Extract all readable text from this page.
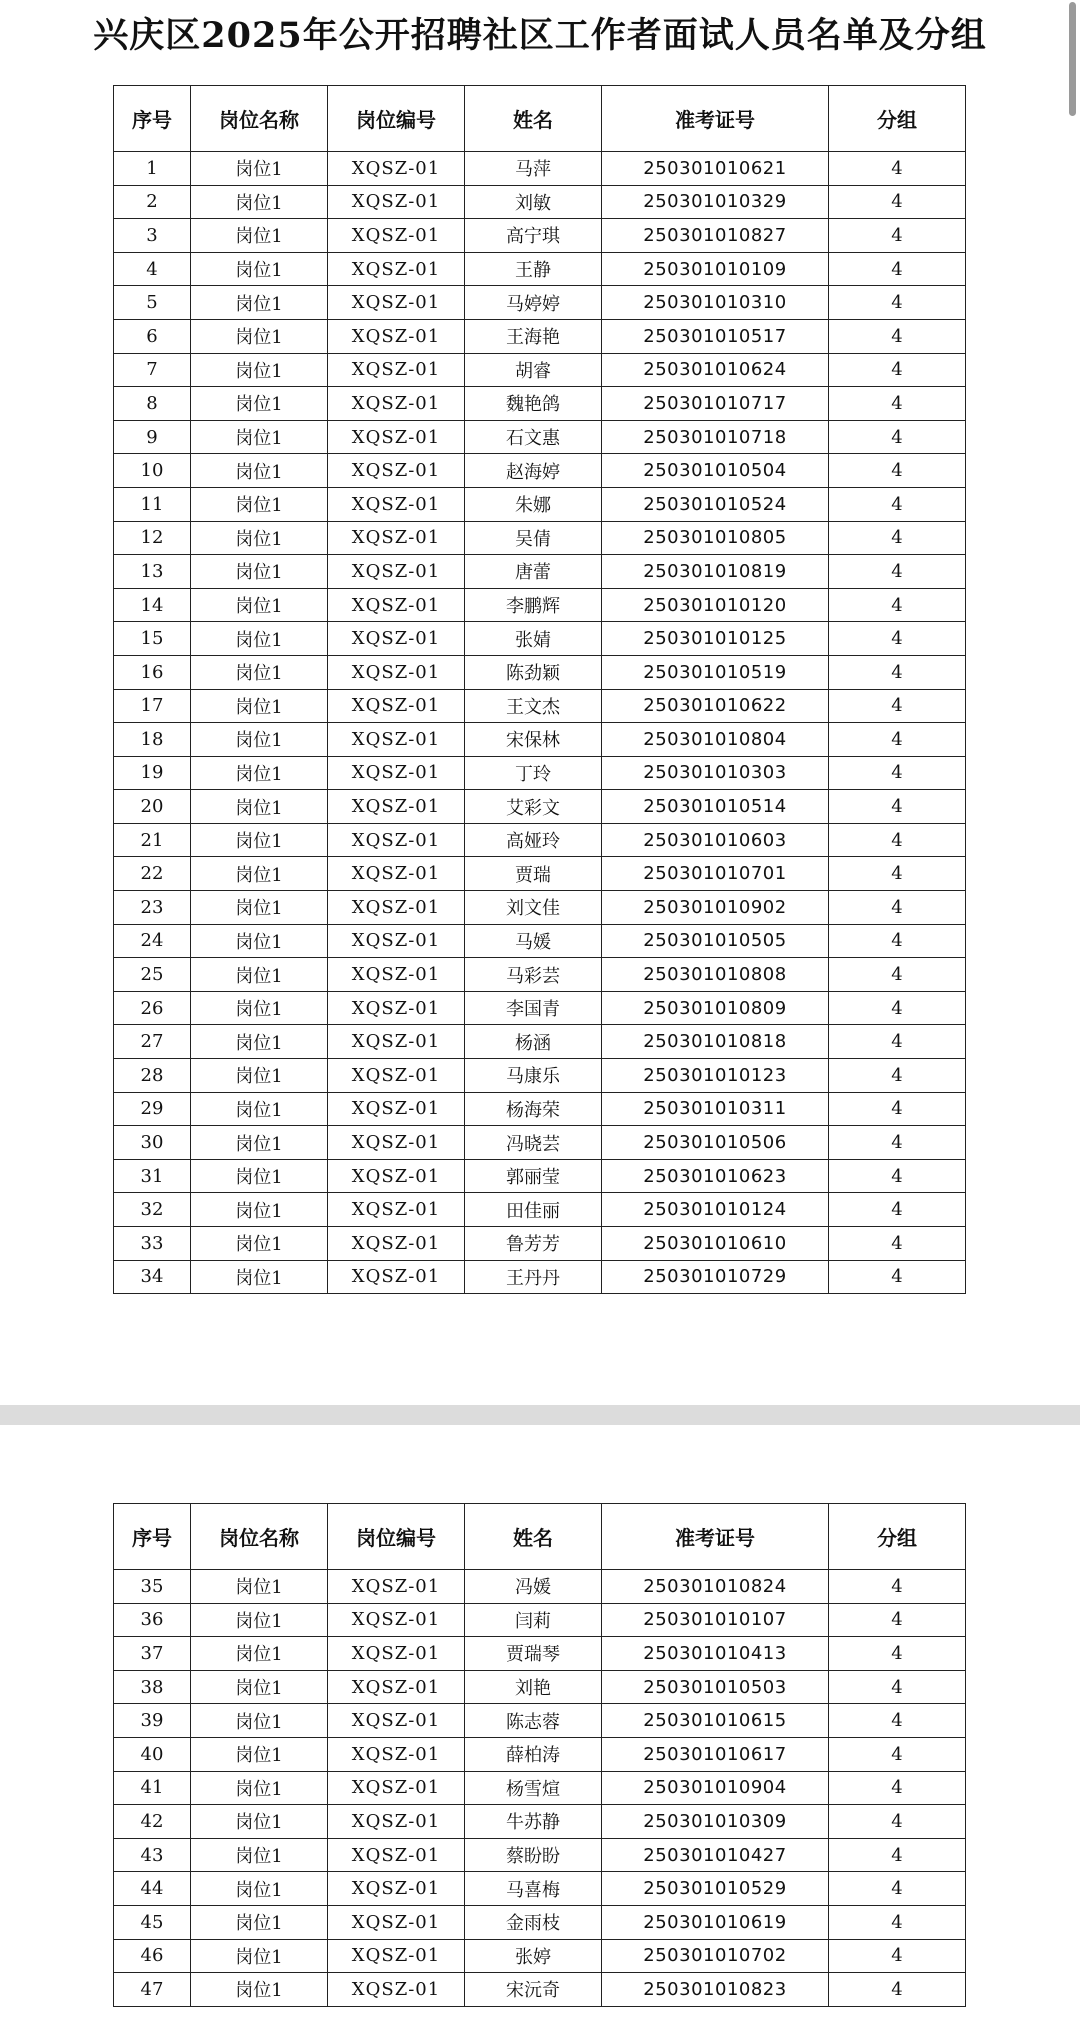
兴庆区2025年公开招聘社区工作者面试人员名单及分组
序号	岗位名称	岗位编号	姓名	准考证号	分组
1	岗位1	XQSZ-01	马萍	250301010621	4
2	岗位1	XQSZ-01	刘敏	250301010329	4
3	岗位1	XQSZ-01	高宁琪	250301010827	4
4	岗位1	XQSZ-01	王静	250301010109	4
5	岗位1	XQSZ-01	马婷婷	250301010310	4
6	岗位1	XQSZ-01	王海艳	250301010517	4
7	岗位1	XQSZ-01	胡睿	250301010624	4
8	岗位1	XQSZ-01	魏艳鸽	250301010717	4
9	岗位1	XQSZ-01	石文惠	250301010718	4
10	岗位1	XQSZ-01	赵海婷	250301010504	4
11	岗位1	XQSZ-01	朱娜	250301010524	4
12	岗位1	XQSZ-01	吴倩	250301010805	4
13	岗位1	XQSZ-01	唐蕾	250301010819	4
14	岗位1	XQSZ-01	李鹏辉	250301010120	4
15	岗位1	XQSZ-01	张婧	250301010125	4
16	岗位1	XQSZ-01	陈劲颖	250301010519	4
17	岗位1	XQSZ-01	王文杰	250301010622	4
18	岗位1	XQSZ-01	宋保林	250301010804	4
19	岗位1	XQSZ-01	丁玲	250301010303	4
20	岗位1	XQSZ-01	艾彩文	250301010514	4
21	岗位1	XQSZ-01	高娅玲	250301010603	4
22	岗位1	XQSZ-01	贾瑞	250301010701	4
23	岗位1	XQSZ-01	刘文佳	250301010902	4
24	岗位1	XQSZ-01	马媛	250301010505	4
25	岗位1	XQSZ-01	马彩芸	250301010808	4
26	岗位1	XQSZ-01	李国青	250301010809	4
27	岗位1	XQSZ-01	杨涵	250301010818	4
28	岗位1	XQSZ-01	马康乐	250301010123	4
29	岗位1	XQSZ-01	杨海荣	250301010311	4
30	岗位1	XQSZ-01	冯晓芸	250301010506	4
31	岗位1	XQSZ-01	郭丽莹	250301010623	4
32	岗位1	XQSZ-01	田佳丽	250301010124	4
33	岗位1	XQSZ-01	鲁芳芳	250301010610	4
34	岗位1	XQSZ-01	王丹丹	250301010729	4
序号	岗位名称	岗位编号	姓名	准考证号	分组
35	岗位1	XQSZ-01	冯媛	250301010824	4
36	岗位1	XQSZ-01	闫莉	250301010107	4
37	岗位1	XQSZ-01	贾瑞琴	250301010413	4
38	岗位1	XQSZ-01	刘艳	250301010503	4
39	岗位1	XQSZ-01	陈志蓉	250301010615	4
40	岗位1	XQSZ-01	薛柏涛	250301010617	4
41	岗位1	XQSZ-01	杨雪煊	250301010904	4
42	岗位1	XQSZ-01	牛苏静	250301010309	4
43	岗位1	XQSZ-01	蔡盼盼	250301010427	4
44	岗位1	XQSZ-01	马喜梅	250301010529	4
45	岗位1	XQSZ-01	金雨枝	250301010619	4
46	岗位1	XQSZ-01	张婷	250301010702	4
47	岗位1	XQSZ-01	宋沅奇	250301010823	4
